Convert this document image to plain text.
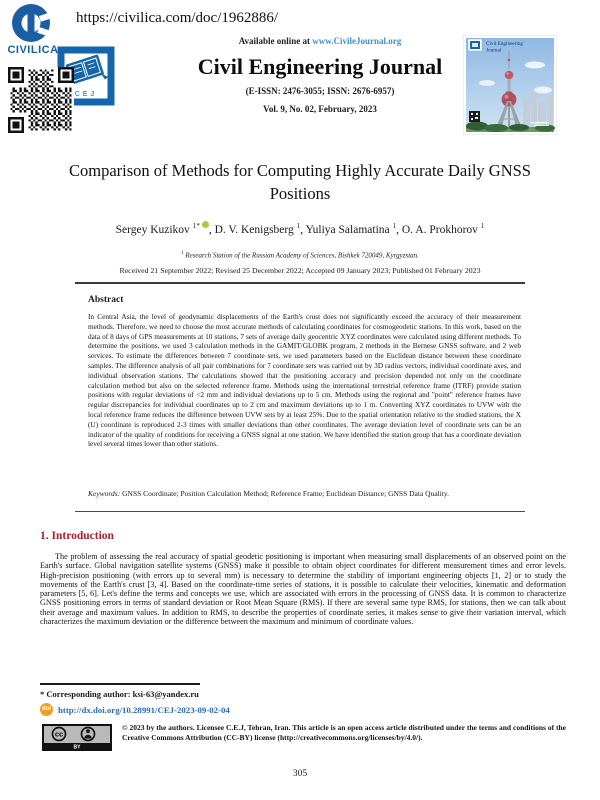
CIVILICA
CEJ
https://civilica.com/doc/1962886/
Available online at www.CivileJournal.org
Civil Engineering Journal
(E-ISSN: 2476-3055; ISSN: 2676-6957)
Vol. 9, No. 02, February, 2023
Civil Engineering
Journal
Comparison of Methods for Computing Highly Accurate Daily GNSS Positions
Sergey Kuzikov $^{1*}$ , D. V. Kenigsberg $^1$, Yuliya Salamatina $^1$, O. A. Prokhorov $^1$
$^1$ Research Station of the Russian Academy of Sciences, Bishkek 720049, Kyrgyzstan.
Received 21 September 2022; Revised 25 December 2022; Accepted 09 January 2023; Published 01 February 2023
Abstract
In Central Asia, the level of geodynamic displacements of the Earth's crust does not significantly exceed the accuracy of their measurement methods. Therefore, we need to choose the most accurate methods of calculating coordinates for cosmogeodetic stations. In this work, based on the data of 8 days of GPS measurements at 10 stations, 7 sets of average daily geocentric XYZ coordinates were calculated using different methods. To determine the positions, we used 3 calculation methods in the GAMIT/GLOBK program, 2 methods in the Bernese GNSS software, and 2 web services. To estimate the differences between 7 coordinate sets, we used parameters based on the Euclidean distance between these coordinate samples. The difference analysis of all pair combinations for 7 coordinate sets was carried out by 3D radius vectors, individual coordinate axes, and individual observation stations. The calculations showed that the positioning accuracy and precision depended not only on the coordinate calculation method but also on the selected reference frame. Methods using the international terrestrial reference frame (ITRF) provide station positions with regular deviations of <2 mm and individual deviations up to 5 cm. Methods using the regional and "point" reference frames have regular discrepancies for individual coordinates up to 2 cm and maximum deviations up to 1 m. Converting XYZ coordinates to UVW with the local reference frame reduces the difference between UVW sets by at least 25%. Due to the spatial orientation relative to the studied stations, the X (U) coordinate is reproduced 2-3 times with smaller deviations than other coordinates. The average deviation level of coordinate sets can be an indicator of the quality of conditions for receiving a GNSS signal at one station. We have identified the station group that has a coordinate deviation level several times lower than other stations.
Keywords: GNSS Coordinate; Position Calculation Method; Reference Frame; Euclidean Distance; GNSS Data Quality.
1. Introduction
The problem of assessing the real accuracy of spatial geodetic positioning is important when measuring small displacements of an observed point on the Earth's surface. Global navigation satellite systems (GNSS) make it possible to obtain object coordinates for different measurement times and error levels. High-precision positioning (with errors up to several mm) is necessary to determine the stability of important engineering objects [1, 2] or to study the movements of the Earth's crust [3, 4]. Based on the coordinate-time series of stations, it is possible to calculate their velocities, kinematic and deformation parameters [5, 6]. Let's define the terms and concepts we use, which are associated with errors in the processing of GNSS data. It is common to characterize GNSS positioning errors in terms of standard deviation or Root Mean Square (RMS). If there are several same type RMS, for stations, then we can talk about their average and maximum values. In addition to RMS, to describe the properties of coordinate series, it makes sense to give their variation interval, which characterizes the maximum deviation or the difference between the maximum and minimum of coordinate values.
* Corresponding author: ksi-63@yandex.ru
doi http://dx.doi.org/10.28991/CEJ-2023-09-02-04
BY
cc
© 2023 by the authors. Licensee C.E.J, Tehran, Iran. This article is an open access article distributed under the terms and conditions of the Creative Commons Attribution (CC-BY) license (http://creativecommons.org/licenses/by/4.0/).
305
